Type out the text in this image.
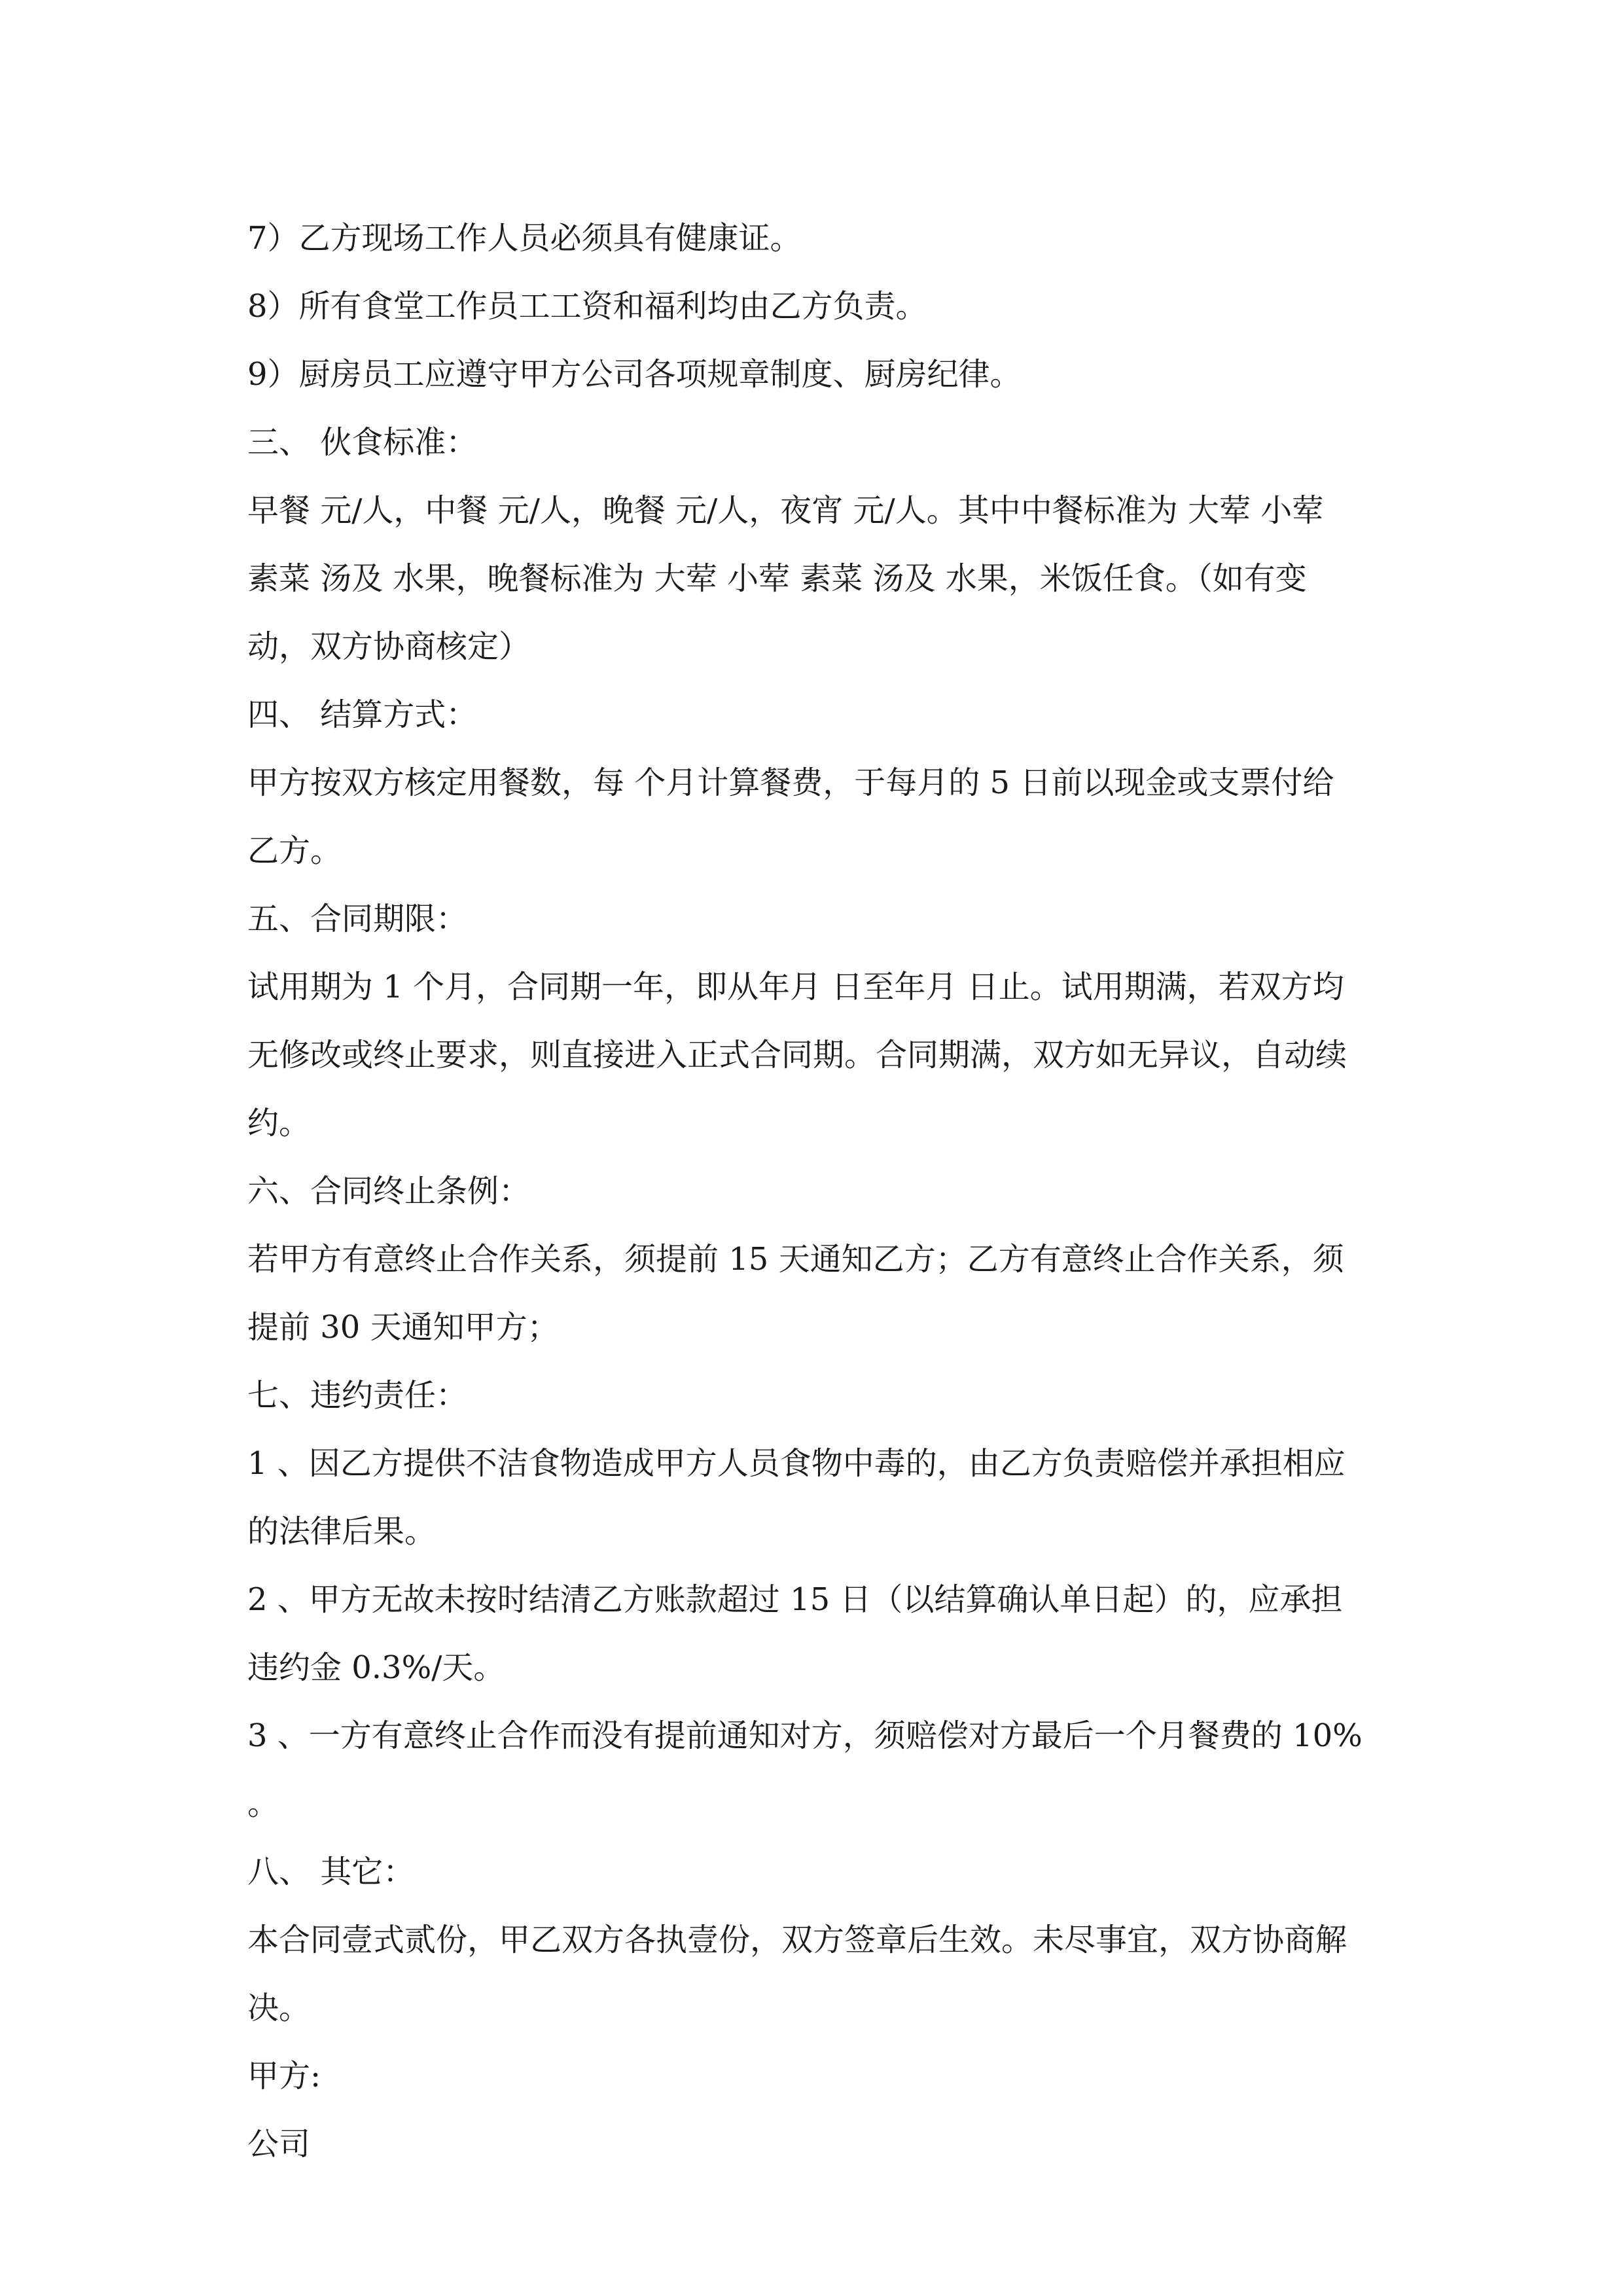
7）乙方现场工作人员必须具有健康证。
8）所有食堂工作员工工资和福利均由乙方负责。
9）厨房员工应遵守甲方公司各项规章制度、厨房纪律。
三、 伙食标准：
早餐 元/人，中餐 元/人，晚餐 元/人，夜宵 元/人。其中中餐标准为 大荤 小荤
素菜 汤及 水果，晚餐标准为 大荤 小荤 素菜 汤及 水果，米饭任食。（如有变
动，双方协商核定）
四、 结算方式：
甲方按双方核定用餐数，每 个月计算餐费，于每月的 5 日前以现金或支票付给
乙方。
五、合同期限：
试用期为 1 个月，合同期一年，即从年月 日至年月 日止。试用期满，若双方均
无修改或终止要求，则直接进入正式合同期。合同期满，双方如无异议，自动续
约。
六、合同终止条例：
若甲方有意终止合作关系，须提前 15 天通知乙方；乙方有意终止合作关系，须
提前 30 天通知甲方；
七、违约责任：
1 、因乙方提供不洁食物造成甲方人员食物中毒的，由乙方负责赔偿并承担相应
的法律后果。
2 、甲方无故未按时结清乙方账款超过 15 日（以结算确认单日起）的，应承担
违约金 0.3%/天。
3 、一方有意终止合作而没有提前通知对方，须赔偿对方最后一个月餐费的 10%
。
八、 其它：
本合同壹式贰份，甲乙双方各执壹份，双方签章后生效。未尽事宜，双方协商解
决。
甲方:
公司
